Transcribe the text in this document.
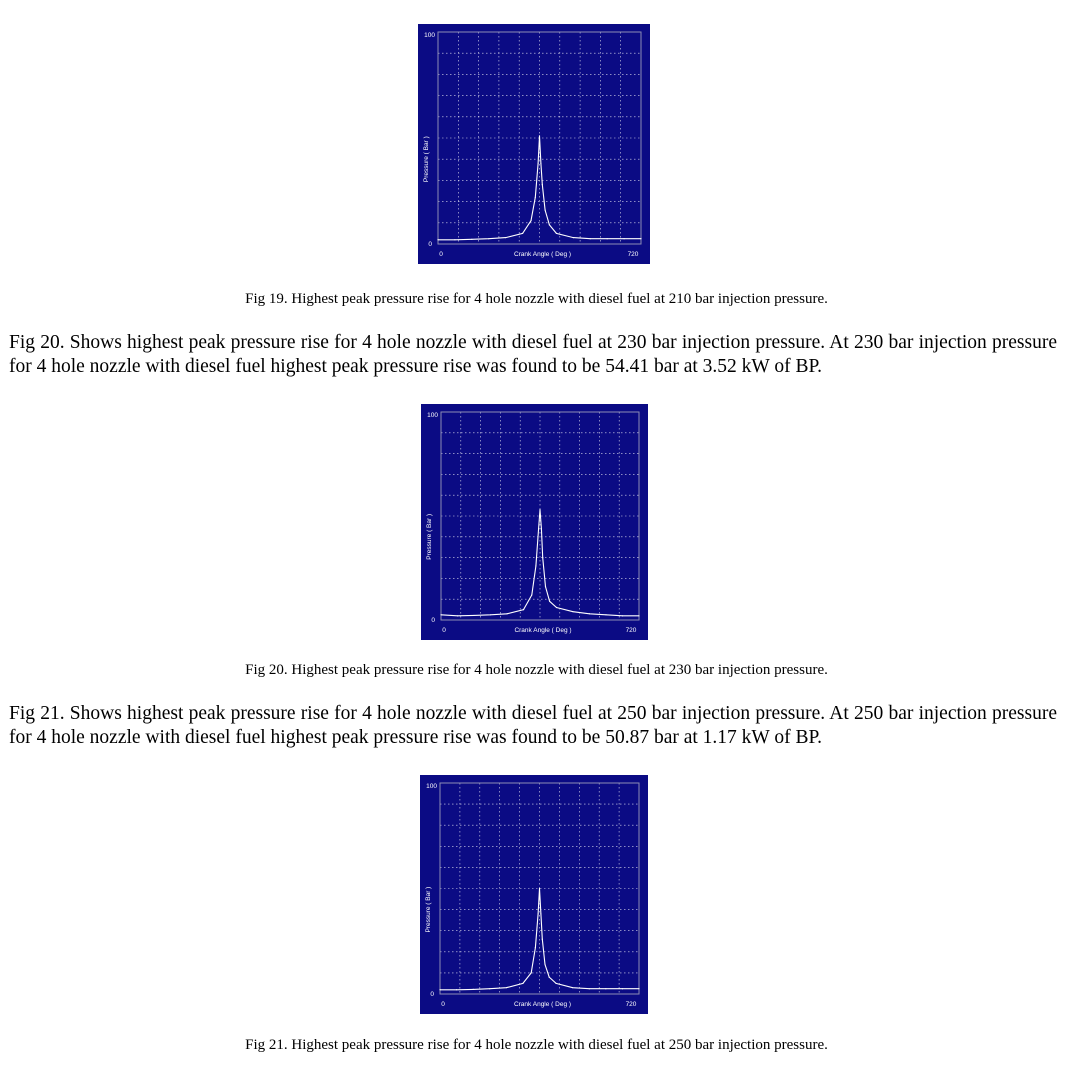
100
0
0	720
Crank Angle ( Deg )
Pressure ( Bar )
Fig 19. Highest peak pressure rise for 4 hole nozzle with diesel fuel at 210 bar injection pressure.
Fig 20. Shows highest peak pressure rise for 4 hole nozzle with diesel fuel at 230 bar injection pressure. At 230 bar injection pressure for 4 hole nozzle with diesel fuel highest peak pressure rise was found to be 54.41 bar at 3.52 kW of BP.
100
0
0	720
Crank Angle ( Deg )
Pressure ( Bar )
Fig 20. Highest peak pressure rise for 4 hole nozzle with diesel fuel at 230 bar injection pressure.
Fig 21. Shows highest peak pressure rise for 4 hole nozzle with diesel fuel at 250 bar injection pressure. At 250 bar injection pressure for 4 hole nozzle with diesel fuel highest peak pressure rise was found to be 50.87 bar at 1.17 kW of BP.
100
0
0	720
Crank Angle ( Deg )
Pressure ( Bar )
Fig 21. Highest peak pressure rise for 4 hole nozzle with diesel fuel at 250 bar injection pressure.
